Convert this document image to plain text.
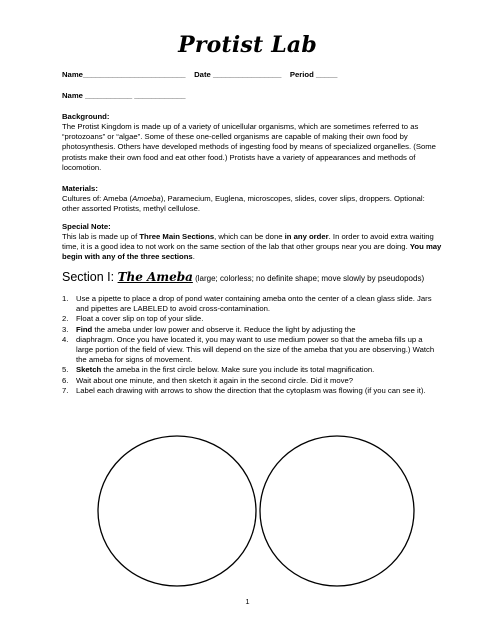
Protist Lab
Name________________________ Date ________________ Period _____
Name ___________ ____________
Background:
The Protist Kingdom is made up of a variety of unicellular organisms, which are sometimes referred to as “protozoans” or “algae”. Some of these one-celled organisms are capable of making their own food by photosynthesis. Others have developed methods of ingesting food by means of specialized organelles. (Some protists make their own food and eat other food.) Protists have a variety of appearances and methods of locomotion.
Materials:
Cultures of: Ameba (Amoeba), Paramecium, Euglena, microscopes, slides, cover slips, droppers. Optional: other assorted Protists, methyl cellulose.
Special Note:
This lab is made up of Three Main Sections, which can be done in any order. In order to avoid extra waiting time, it is a good idea to not work on the same section of the lab that other groups near you are doing. You may begin with any of the three sections.
Section I: The Ameba (large; colorless; no definite shape; move slowly by pseudopods)
1. Use a pipette to place a drop of pond water containing ameba onto the center of a clean glass slide. Jars and pipettes are LABELED to avoid cross-contamination.
2. Float a cover slip on top of your slide.
3. Find the ameba under low power and observe it. Reduce the light by adjusting the
4. diaphragm. Once you have located it, you may want to use medium power so that the ameba fills up a large portion of the field of view. This will depend on the size of the ameba that you are observing.) Watch the ameba for signs of movement.
5. Sketch the ameba in the first circle below. Make sure you include its total magnification.
6. Wait about one minute, and then sketch it again in the second circle. Did it move?
7. Label each drawing with arrows to show the direction that the cytoplasm was flowing (if you can see it).
1
